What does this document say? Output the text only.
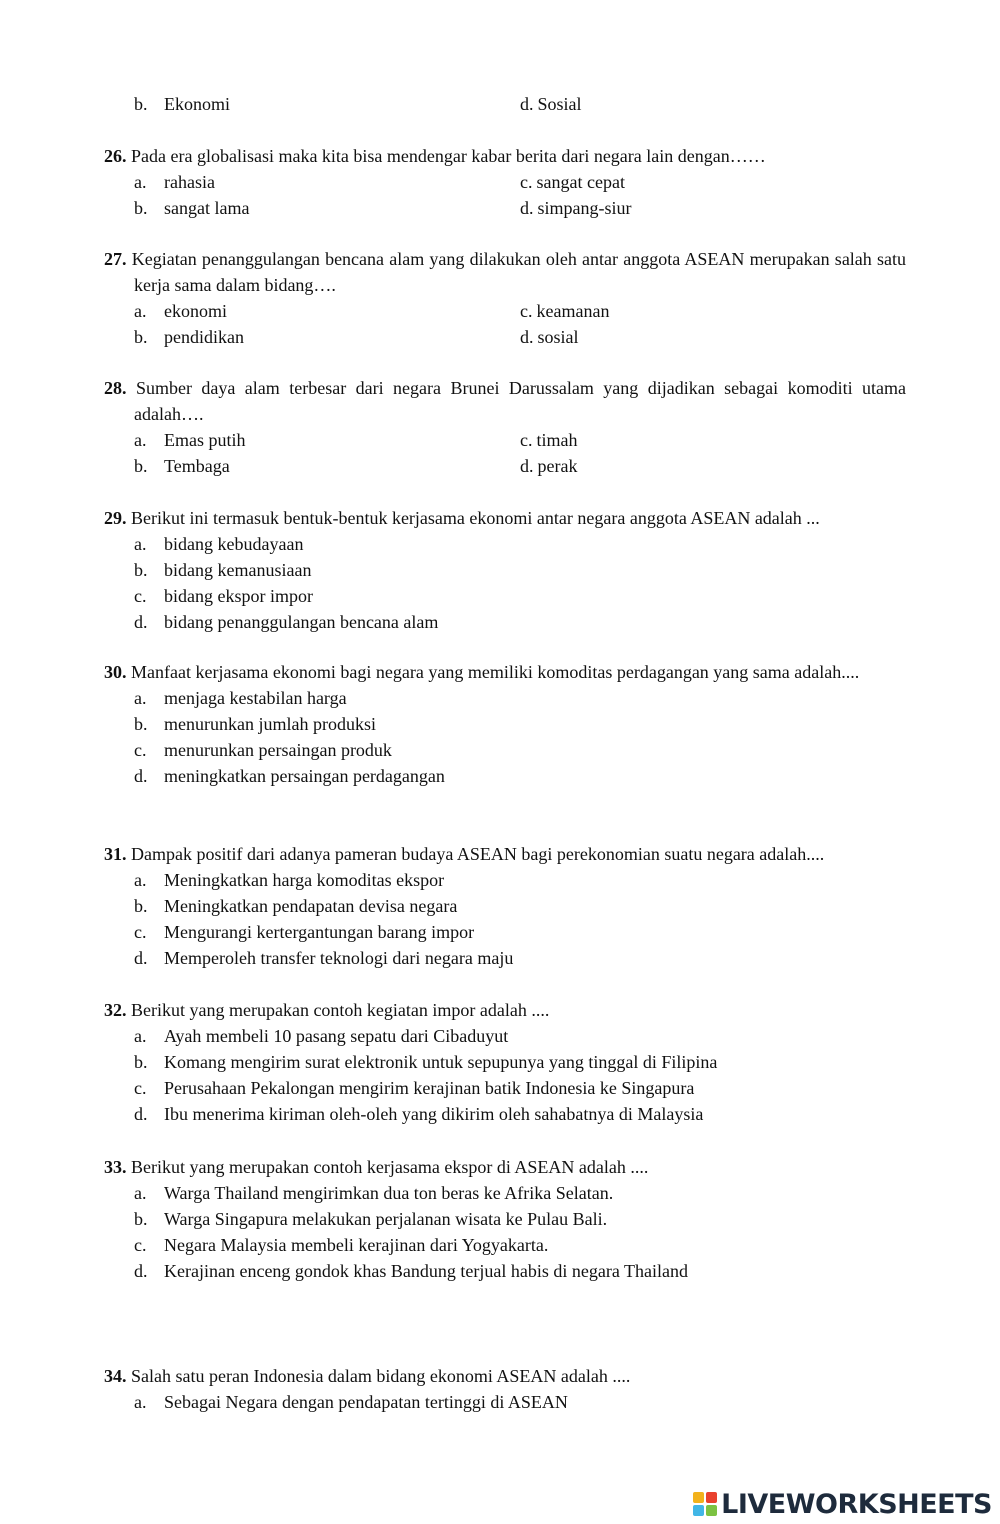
b. Ekonomi	d. Sosial
26. Pada era globalisasi maka kita bisa mendengar kabar berita dari negara lain dengan……
a. rahasia	c. sangat cepat
b. sangat lama	d. simpang-siur
27. Kegiatan penanggulangan bencana alam yang dilakukan oleh antar anggota ASEAN merupakan salah satu kerja sama dalam bidang….
a. ekonomi	c. keamanan
b. pendidikan	d. sosial
28. Sumber daya alam terbesar dari negara Brunei Darussalam yang dijadikan sebagai komoditi utama adalah….
a. Emas putih	c. timah
b. Tembaga	d. perak
29. Berikut ini termasuk bentuk-bentuk kerjasama ekonomi antar negara anggota ASEAN adalah ...
a. bidang kebudayaan
b. bidang kemanusiaan
c. bidang ekspor impor
d. bidang penanggulangan bencana alam
30. Manfaat kerjasama ekonomi bagi negara yang memiliki komoditas perdagangan yang sama adalah....
a. menjaga kestabilan harga
b. menurunkan jumlah produksi
c. menurunkan persaingan produk
d. meningkatkan persaingan perdagangan
31. Dampak positif dari adanya pameran budaya ASEAN bagi perekonomian suatu negara adalah....
a. Meningkatkan harga komoditas ekspor
b. Meningkatkan pendapatan devisa negara
c. Mengurangi kertergantungan barang impor
d. Memperoleh transfer teknologi dari negara maju
32. Berikut yang merupakan contoh kegiatan impor adalah ....
a. Ayah membeli 10 pasang sepatu dari Cibaduyut
b. Komang mengirim surat elektronik untuk sepupunya yang tinggal di Filipina
c. Perusahaan Pekalongan mengirim kerajinan batik Indonesia ke Singapura
d. Ibu menerima kiriman oleh-oleh yang dikirim oleh sahabatnya di Malaysia
33. Berikut yang merupakan contoh kerjasama ekspor di ASEAN adalah ....
a. Warga Thailand mengirimkan dua ton beras ke Afrika Selatan.
b. Warga Singapura melakukan perjalanan wisata ke Pulau Bali.
c. Negara Malaysia membeli kerajinan dari Yogyakarta.
d. Kerajinan enceng gondok khas Bandung terjual habis di negara Thailand
34. Salah satu peran Indonesia dalam bidang ekonomi ASEAN adalah ....
a. Sebagai Negara dengan pendapatan tertinggi di ASEAN
LIVEWORKSHEETS
